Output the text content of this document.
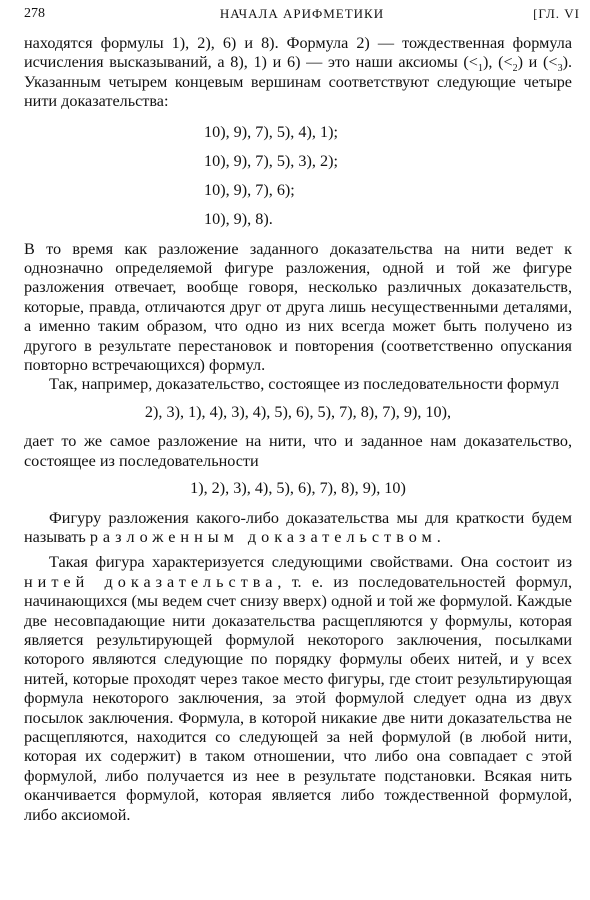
278	НАЧАЛА АРИФМЕТИКИ	[ГЛ. VI

находятся формулы 1), 2), 6) и 8). Формула 2) — тождественная формула исчисления высказываний, а 8), 1) и 6) — это наши аксиомы $(<_1)$, $(<_2)$ и $(<_3)$. Указанным четырем концевым вершинам соответствуют следующие четыре нити доказательства:

10), 9), 7), 5), 4), 1);
10), 9), 7), 5), 3), 2);
10), 9), 7), 6);
10), 9), 8).

В то время как разложение заданного доказательства на нити ведет к однозначно определяемой фигуре разложения, одной и той же фигуре разложения отвечает, вообще говоря, несколько различных доказательств, которые, правда, отличаются друг от друга лишь несущественными деталями, а именно таким образом, что одно из них всегда может быть получено из другого в результате перестановок и повторения (соответственно опускания повторно встречающихся) формул.

Так, например, доказательство, состоящее из последовательности формул

2), 3), 1), 4), 3), 4), 5), 6), 5), 7), 8), 7), 9), 10),

дает то же самое разложение на нити, что и заданное нам доказательство, состоящее из последовательности

1), 2), 3), 4), 5), 6), 7), 8), 9), 10)

Фигуру разложения какого-либо доказательства мы для краткости будем называть разложенным доказательством.

Такая фигура характеризуется следующими свойствами. Она состоит из нитей доказательства, т. е. из последовательностей формул, начинающихся (мы ведем счет снизу вверх) одной и той же формулой. Каждые две несовпадающие нити доказательства расщепляются у формулы, которая является результирующей формулой некоторого заключения, посылками которого являются следующие по порядку формулы обеих нитей, и у всех нитей, которые проходят через такое место фигуры, где стоит результирующая формула некоторого заключения, за этой формулой следует одна из двух посылок заключения. Формула, в которой никакие две нити доказательства не расщепляются, находится со следующей за ней формулой (в любой нити, которая их содержит) в таком отношении, что либо она совпадает с этой формулой, либо получается из нее в результате подстановки. Всякая нить оканчивается формулой, которая является либо тождественной формулой, либо аксиомой.
